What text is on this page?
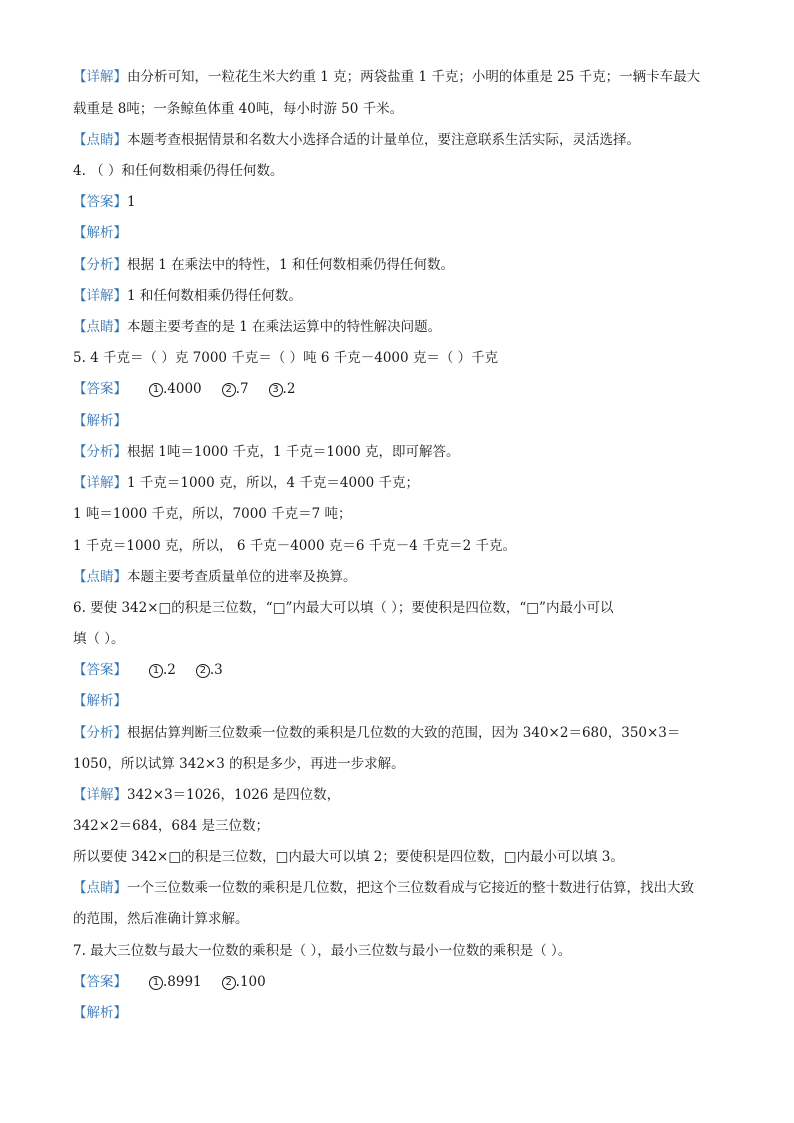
【详解】由分析可知，一粒花生米大约重 1 克；两袋盐重 1 千克；小明的体重是 25 千克；一辆卡车最大
载重是 8吨；一条鲸鱼体重 40吨，每小时游 50 千米。
【点睛】本题考查根据情景和名数大小选择合适的计量单位，要注意联系生活实际，灵活选择。
4. （ ）和任何数相乘仍得任何数。
【答案】1
【解析】
【分析】根据 1 在乘法中的特性，1 和任何数相乘仍得任何数。
【详解】1 和任何数相乘仍得任何数。
【点睛】本题主要考查的是 1 在乘法运算中的特性解决问题。
5. 4 千克＝（ ）克 7000 千克＝（ ）吨 6 千克－4000 克＝（ ）千克
【答案】	1 .4000 2 .7 3 .2
【解析】
【分析】根据 1吨＝1000 千克，1 千克＝1000 克，即可解答。
【详解】1 千克＝1000 克，所以，4 千克＝4000 千克；
1 吨＝1000 千克，所以，7000 千克＝7 吨；
1 千克＝1000 克，所以， 6 千克－4000 克＝6 千克－4 千克＝2 千克。
【点睛】本题主要考查质量单位的进率及换算。
6. 要使 342×□的积是三位数，“□”内最大可以填（ ）；要使积是四位数，“□”内最小可以
填（ ）。
【答案】	1 .2 2 .3
【解析】
【分析】根据估算判断三位数乘一位数的乘积是几位数的大致的范围，因为 340×2＝680，350×3＝
1050，所以试算 342×3 的积是多少，再进一步求解。
【详解】342×3＝1026，1026 是四位数，
342×2＝684，684 是三位数；
所以要使 342×□的积是三位数，□内最大可以填 2；要使积是四位数，□内最小可以填 3。
【点睛】一个三位数乘一位数的乘积是几位数，把这个三位数看成与它接近的整十数进行估算，找出大致
的范围，然后准确计算求解。
7. 最大三位数与最大一位数的乘积是（ ），最小三位数与最小一位数的乘积是（ ）。
【答案】	1 .8991 2 .100
【解析】
